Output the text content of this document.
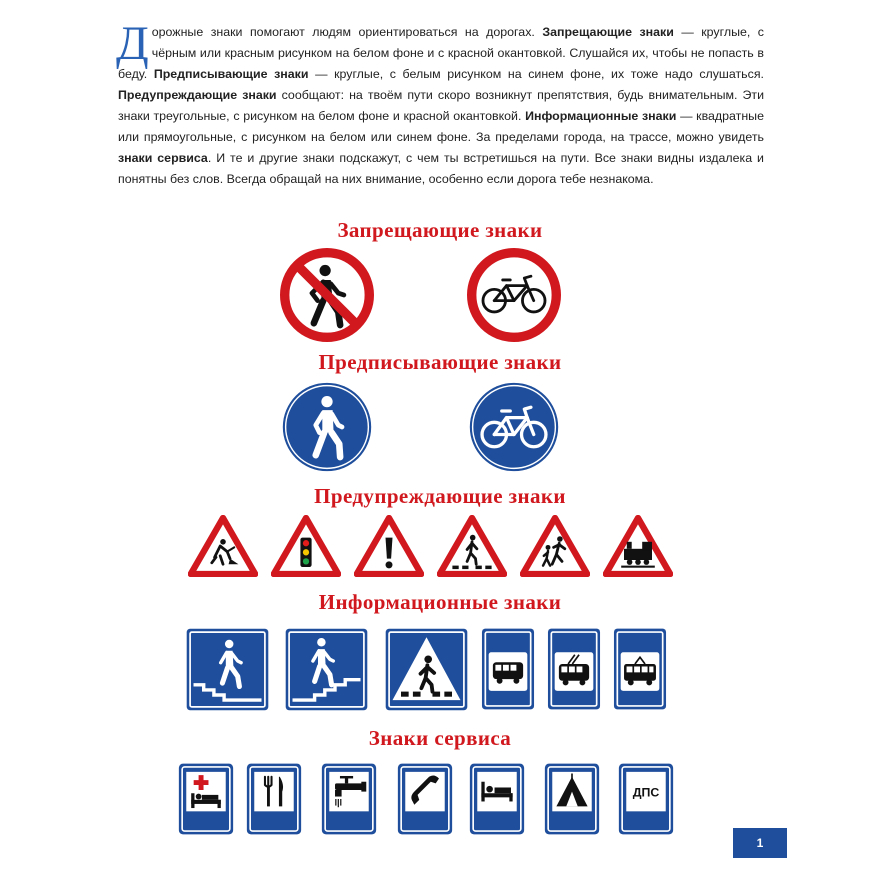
Дорожные знаки помогают людям ориентироваться на дорогах. Запрещающие знаки — круглые, с чёрным или красным рисунком на белом фоне и с красной окантовкой. Слушайся их, чтобы не попасть в беду. Предписывающие знаки — круглые, с белым рисунком на синем фоне, их тоже надо слушаться. Предупреждающие знаки сообщают: на твоём пути скоро возникнут препятствия, будь внимательным. Эти знаки треугольные, с рисунком на белом фоне и красной окантовкой. Информационные знаки — квадратные или прямоугольные, с рисунком на белом или синем фоне. За пределами города, на трассе, можно увидеть знаки сервиса. И те и другие знаки подскажут, с чем ты встретишься на пути. Все знаки видны издалека и понятны без слов. Всегда обращай на них внимание, особенно если дорога тебе незнакома.
Запрещающие знаки
Предписывающие знаки
Предупреждающие знаки
Информационные знаки
Знаки сервиса
ДПС
1
